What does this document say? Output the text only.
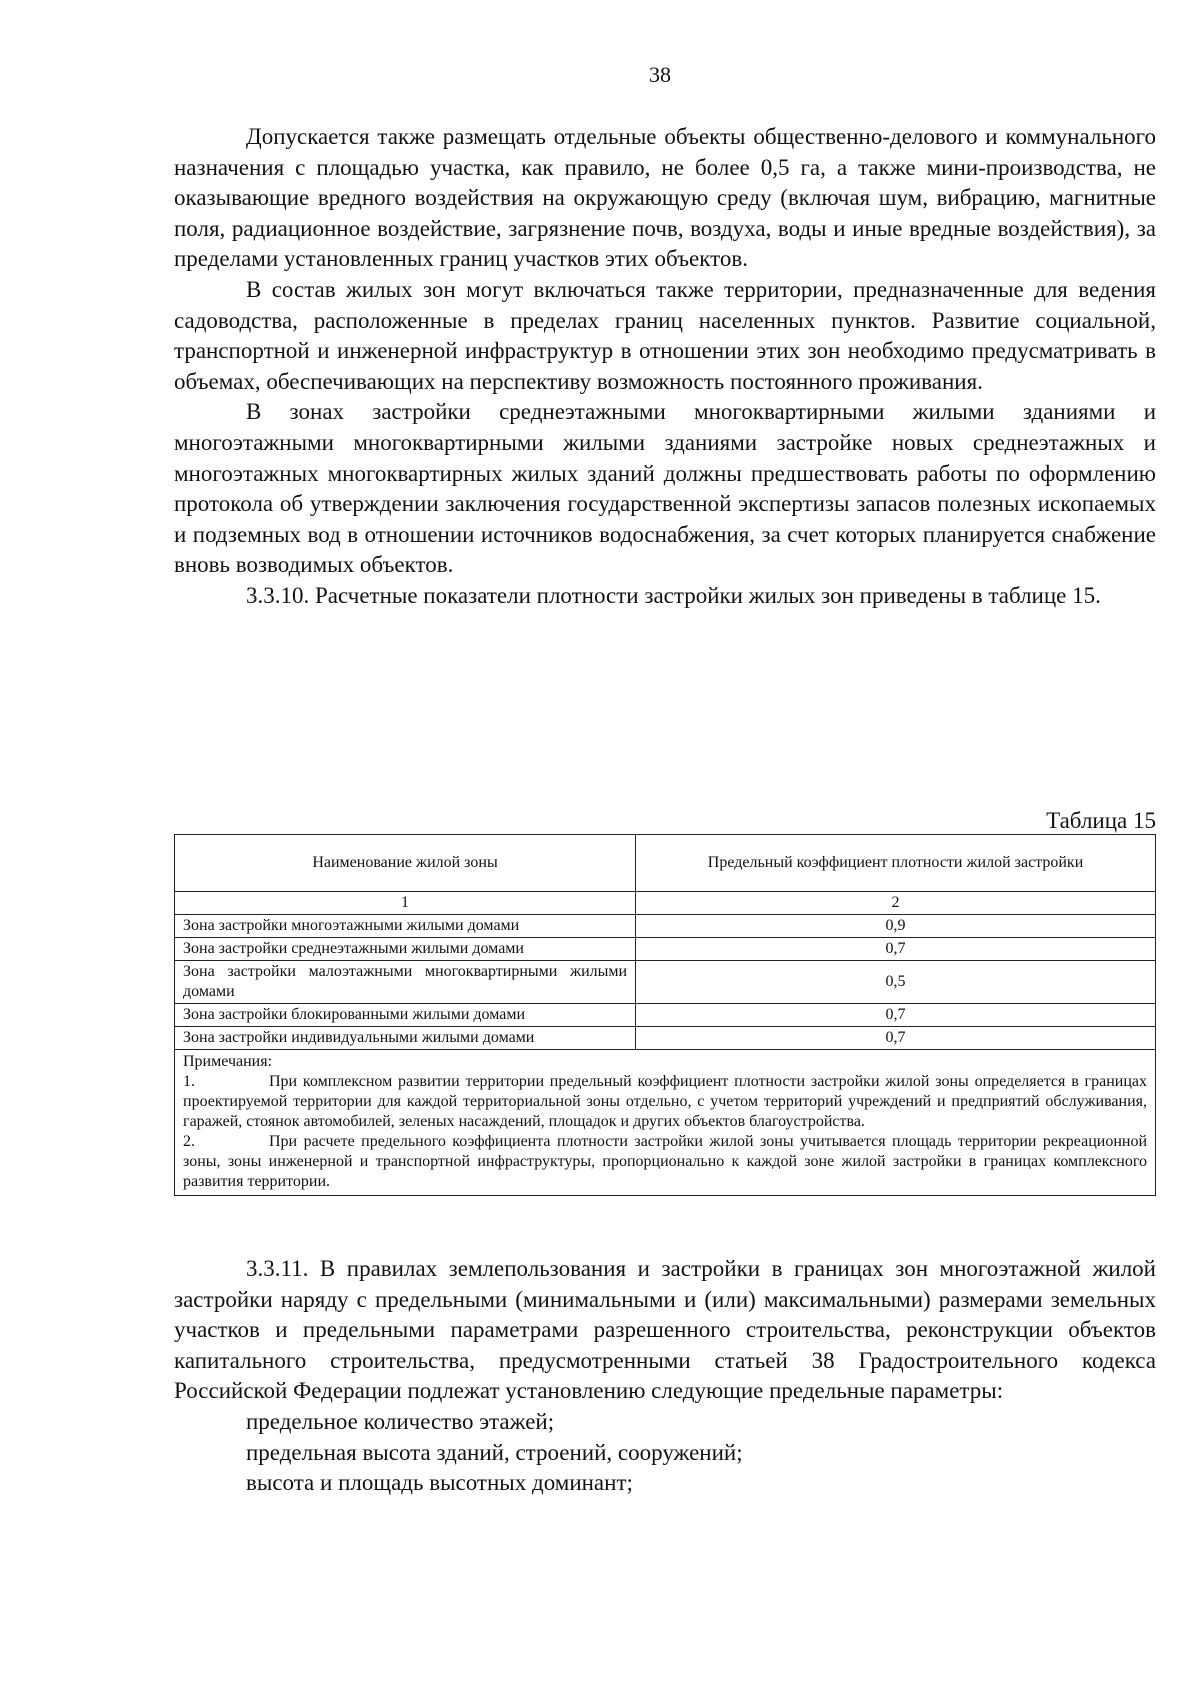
38

Допускается также размещать отдельные объекты общественно-делового и коммунального назначения с площадью участка, как правило, не более 0,5 га, а также мини-производства, не оказывающие вредного воздействия на окружающую среду (включая шум, вибрацию, магнитные поля, радиационное воздействие, загрязнение почв, воздуха, воды и иные вредные воздействия), за пределами установленных границ участков этих объектов.

В состав жилых зон могут включаться также территории, предназначенные для ведения садоводства, расположенные в пределах границ населенных пунктов. Развитие социальной, транспортной и инженерной инфраструктур в отношении этих зон необходимо предусматривать в объемах, обеспечивающих на перспективу возможность постоянного проживания.

В зонах застройки среднеэтажными многоквартирными жилыми зданиями и многоэтажными многоквартирными жилыми зданиями застройке новых среднеэтажных и многоэтажных многоквартирных жилых зданий должны предшествовать работы по оформлению протокола об утверждении заключения государственной экспертизы запасов полезных ископаемых и подземных вод в отношении источников водоснабжения, за счет которых планируется снабжение вновь возводимых объектов.

3.3.10. Расчетные показатели плотности застройки жилых зон приведены в таблице 15.

Таблица 15
Наименование жилой зоны	Предельный коэффициент плотности жилой застройки
1	2
Зона застройки многоэтажными жилыми домами	0,9
Зона застройки среднеэтажными жилыми домами	0,7
Зона застройки малоэтажными многоквартирными жилыми домами	0,5
Зона застройки блокированными жилыми домами	0,7
Зона застройки индивидуальными жилыми домами	0,7

Примечания:

1. При комплексном развитии территории предельный коэффициент плотности застройки жилой зоны определяется в границах проектируемой территории для каждой территориальной зоны отдельно, с учетом территорий учреждений и предприятий обслуживания, гаражей, стоянок автомобилей, зеленых насаждений, площадок и других объектов благоустройства.

2. При расчете предельного коэффициента плотности застройки жилой зоны учитывается площадь территории рекреационной зоны, зоны инженерной и транспортной инфраструктуры, пропорционально к каждой зоне жилой застройки в границах комплексного развития территории.	

3.3.11. В правилах землепользования и застройки в границах зон многоэтажной жилой застройки наряду с предельными (минимальными и (или) максимальными) размерами земельных участков и предельными параметрами разрешенного строительства, реконструкции объектов капитального строительства, предусмотренными статьей 38 Градостроительного кодекса Российской Федерации подлежат установлению следующие предельные параметры:

предельное количество этажей;

предельная высота зданий, строений, сооружений;

высота и площадь высотных доминант;
